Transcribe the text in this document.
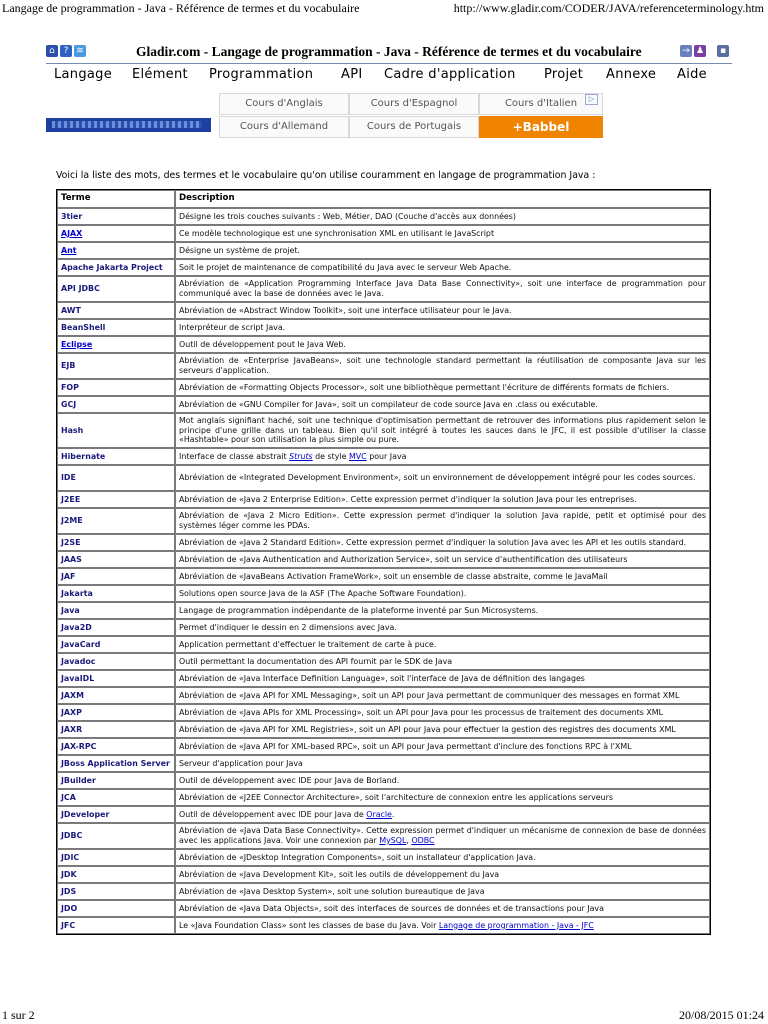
Langage de programmation - Java - Référence de termes et du vocabulaire	http://www.gladir.com/CODER/JAVA/referenceterminology.htm
⌂ ? ≋	Gladir.com - Langage de programmation - Java - Référence de termes et du vocabulaire	→ ♟	▪
Langage Elément Programmation API Cadre d'application Projet Annexe Aide
Cours d'Anglais	Cours d'Espagnol	Cours d'Italien	▷
Cours d'Allemand	Cours de Portugais	+Babbel
Voici la liste des mots, des termes et le vocabulaire qu'on utilise couramment en langage de programmation Java :
Terme	Description
3tier	Désigne les trois couches suivants : Web, Métier, DAO (Couche d'accès aux données)
AJAX	Ce modèle technologique est une synchronisation XML en utilisant le JavaScript
Ant	Désigne un système de projet.
Apache Jakarta Project	Soit le projet de maintenance de compatibilité du Java avec le serveur Web Apache.
API JDBC	Abréviation de «Application Programming Interface Java Data Base Connectivity», soit une interface de programmation pour communiqué avec la base de données avec le Java.
AWT	Abréviation de «Abstract Window Toolkit», soit une interface utilisateur pour le Java.
BeanShell	Interpréteur de script Java.
Eclipse	Outil de développement pout le Java Web.
EJB	Abréviation de «Enterprise JavaBeans», soit une technologie standard permettant la réutilisation de composante Java sur les serveurs d'application.
FOP	Abréviation de «Formatting Objects Processor», soit une bibliothèque permettant l'écriture de différents formats de fichiers.
GCJ	Abréviation de «GNU Compiler for Java», soit un compilateur de code source Java en .class ou exécutable.
Hash	Mot anglais signifiant haché, soit une technique d'optimisation permettant de retrouver des informations plus rapidement selon le principe d'une grille dans un tableau. Bien qu'il soit intégré à toutes les sauces dans le JFC, il est possible d'utiliser la classe «Hashtable» pour son utilisation la plus simple ou pure.
Hibernate	Interface de classe abstrait Struts de style MVC pour Java
IDE	Abréviation de «Integrated Development Environment», soit un environnement de développement intégré pour les codes sources.
J2EE	Abréviation de «Java 2 Enterprise Edition». Cette expression permet d'indiquer la solution Java pour les entreprises.
J2ME	Abréviation de «Java 2 Micro Edition». Cette expression permet d'indiquer la solution Java rapide, petit et optimisé pour des systèmes léger comme les PDAs.
J2SE	Abréviation de «Java 2 Standard Edition». Cette expression permet d'indiquer la solution Java avec les API et les outils standard.
JAAS	Abréviation de «Java Authentication and Authorization Service», soit un service d'authentification des utilisateurs
JAF	Abréviation de «JavaBeans Activation FrameWork», soit un ensemble de classe abstraite, comme le JavaMail
Jakarta	Solutions open source Java de la ASF (The Apache Software Foundation).
Java	Langage de programmation indépendante de la plateforme inventé par Sun Microsystems.
Java2D	Permet d'indiquer le dessin en 2 dimensions avec Java.
JavaCard	Application permettant d'effectuer le traitement de carte à puce.
Javadoc	Outil permettant la documentation des API fournit par le SDK de Java
JavaIDL	Abréviation de «Java Interface Definition Language», soit l'interface de Java de définition des langages
JAXM	Abréviation de «Java API for XML Messaging», soit un API pour Java permettant de communiquer des messages en format XML
JAXP	Abréviation de «Java APIs for XML Processing», soit un API pour Java pour les processus de traitement des documents XML
JAXR	Abréviation de «Java API for XML Registries», soit un API pour Java pour effectuer la gestion des registres des documents XML
JAX-RPC	Abréviation de «Java API for XML-based RPC», soit un API pour Java permettant d'inclure des fonctions RPC à l'XML
JBoss Application Server	Serveur d'application pour Java
JBuilder	Outil de développement avec IDE pour Java de Borland.
JCA	Abréviation de «J2EE Connector Architecture», soit l'architecture de connexion entre les applications serveurs
JDeveloper	Outil de développement avec IDE pour Java de Oracle.
JDBC	Abréviation de «Java Data Base Connectivity». Cette expression permet d'indiquer un mécanisme de connexion de base de données avec les applications Java. Voir une connexion par MySQL, ODBC
JDIC	Abréviation de «JDesktop Integration Components», soit un installateur d'application Java.
JDK	Abréviation de «Java Development Kit», soit les outils de développement du Java
JDS	Abréviation de «Java Desktop System», soit une solution bureautique de Java
JDO	Abréviation de «Java Data Objects», soit des interfaces de sources de données et de transactions pour Java
JFC	Le «Java Foundation Class» sont les classes de base du Java. Voir Langage de programmation - Java - JFC
1 sur 2	20/08/2015 01:24
